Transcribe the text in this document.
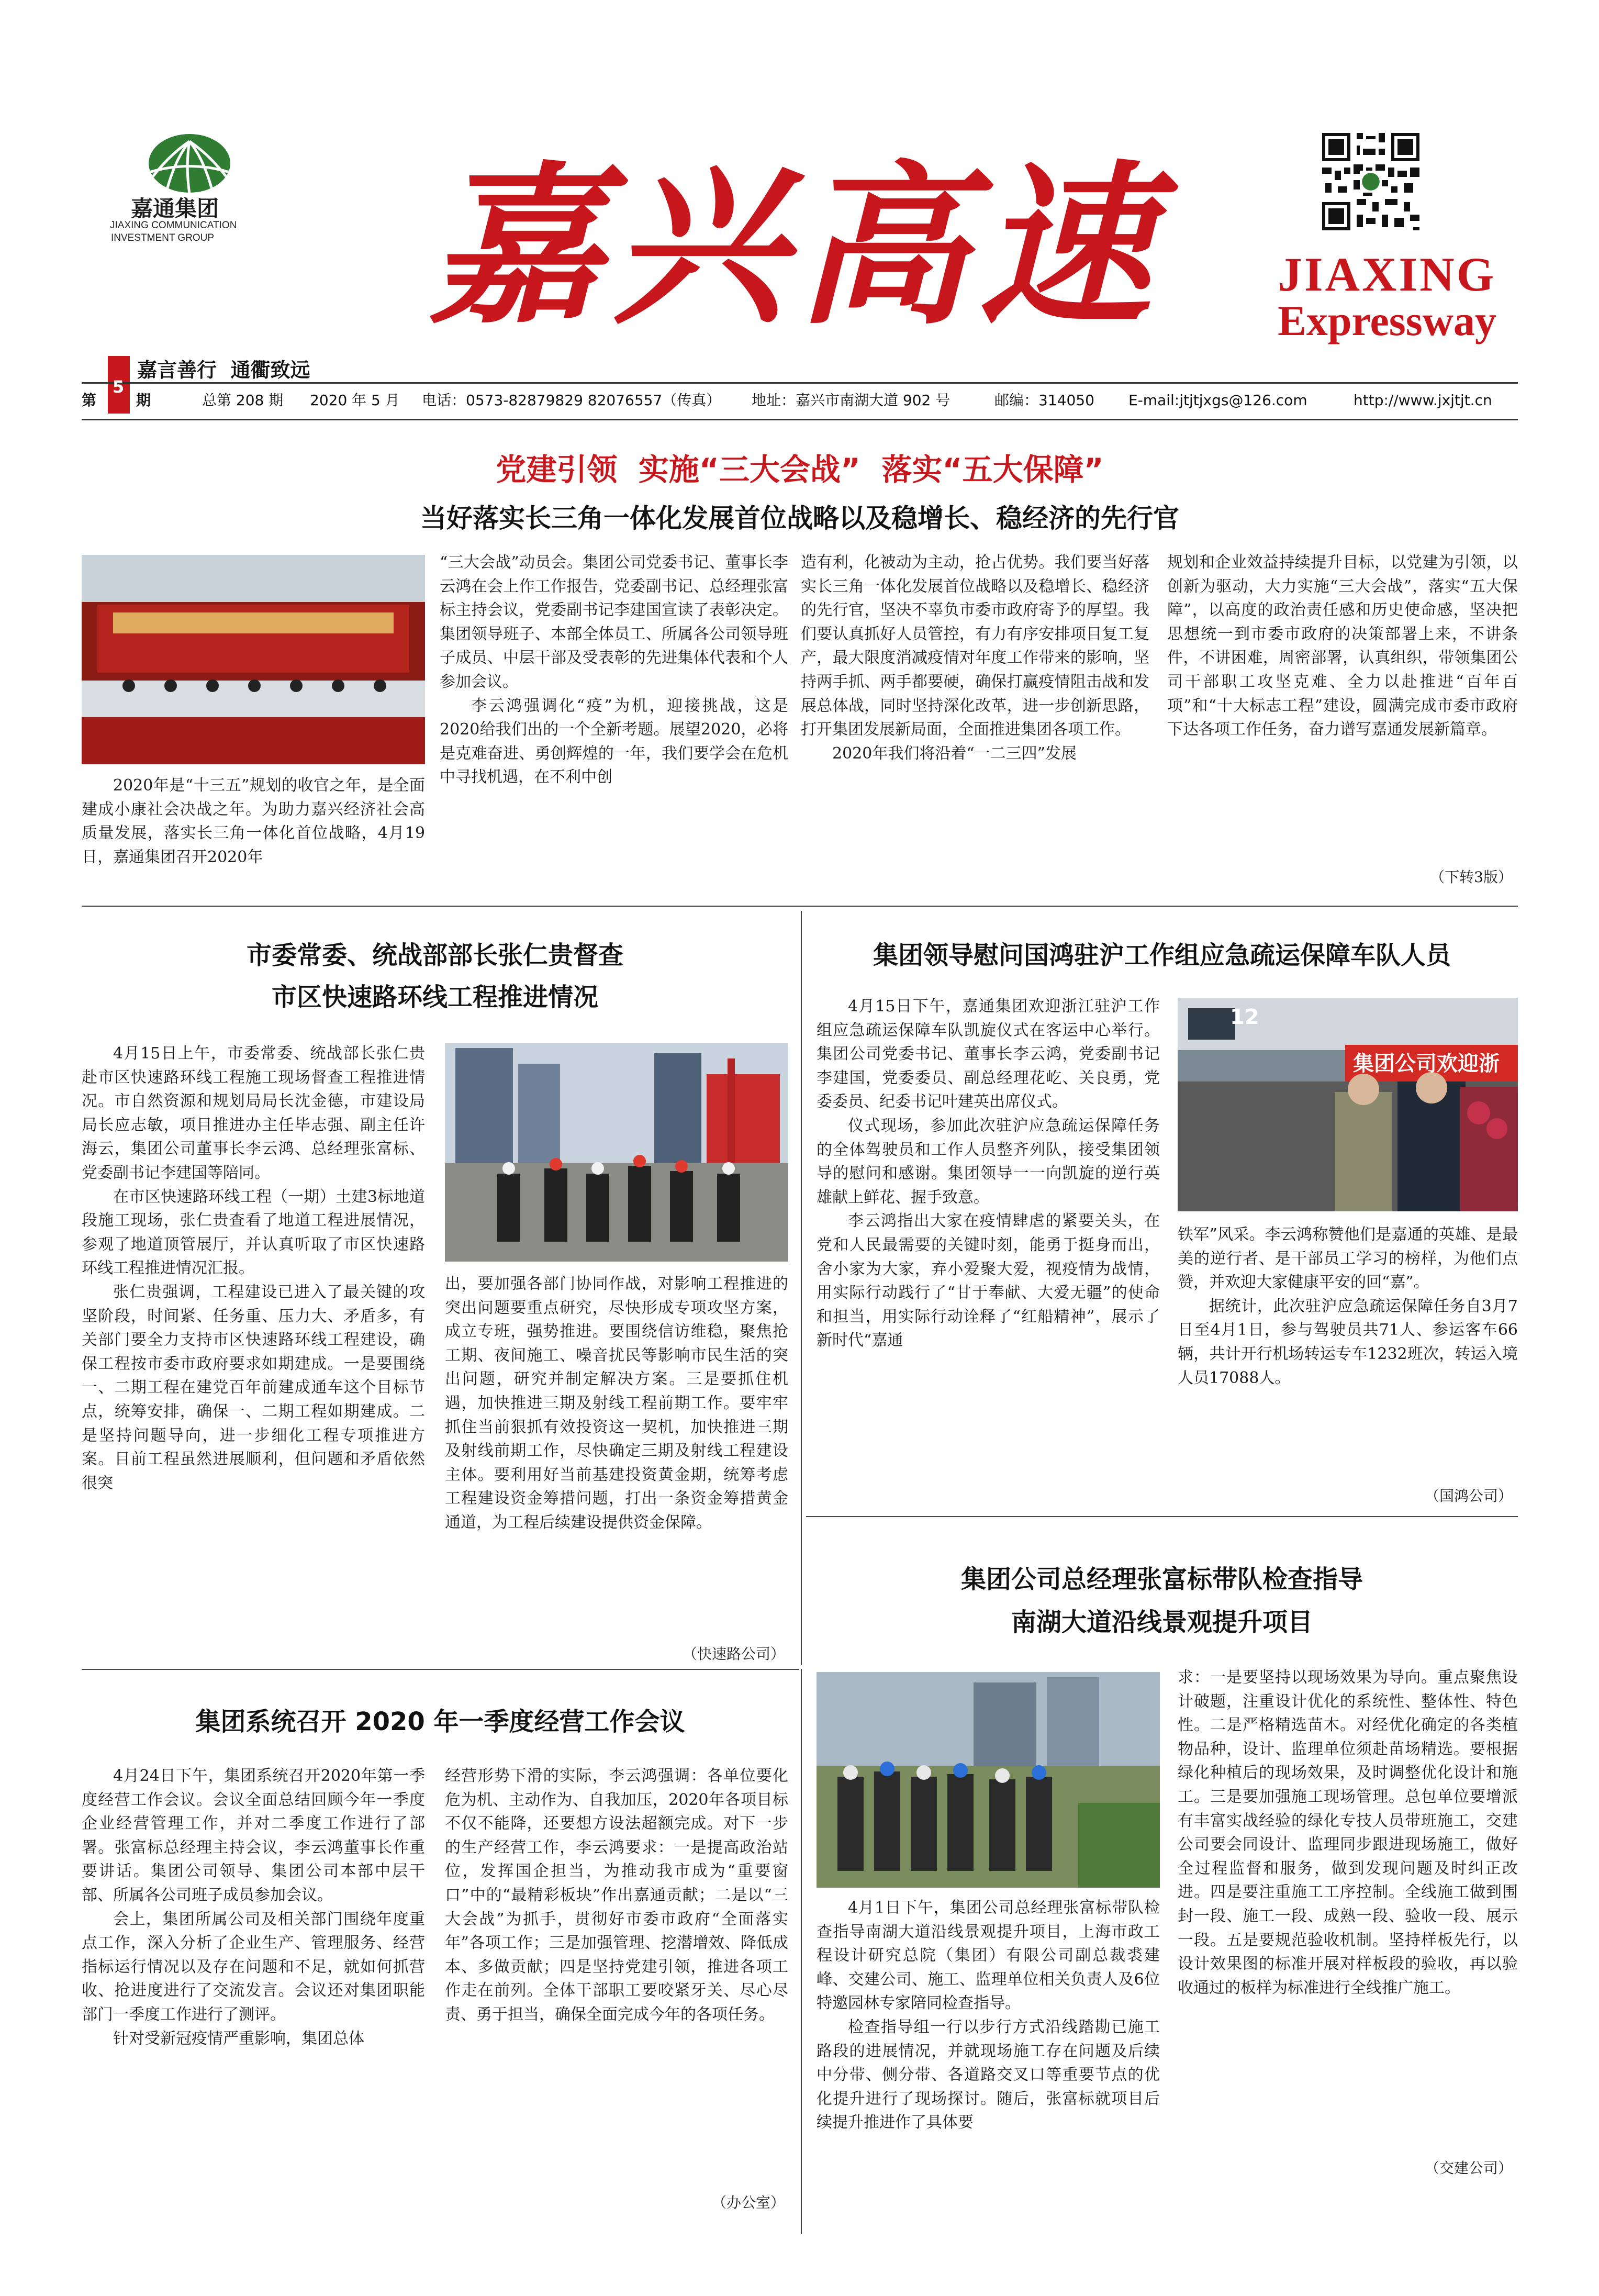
嘉通集团
JIAXING COMMUNICATION
INVESTMENT GROUP	嘉兴高速	JIAXING
Expressway
嘉言善行  通衢致远
第
5
期	总第 208 期 2020 年 5 月 电话：0573-82879829 82076557（传真） 地址：嘉兴市南湖大道 902 号	邮编：314050 E-mail:jtjtjxgs@126.com	http://www.jxjtjt.cn
党建引领  实施“三大会战”  落实“五大保障”
当好落实长三角一体化发展首位战略以及稳增长、稳经济的先行官

2020年是“十三五”规划的收官之年，是全面建成小康社会决战之年。为助力嘉兴经济社会高质量发展，落实长三角一体化首位战略，4月19日，嘉通集团召开2020年

“三大会战”动员会。集团公司党委书记、董事长李云鸿在会上作工作报告，党委副书记、总经理张富标主持会议，党委副书记李建国宣读了表彰决定。集团领导班子、本部全体员工、所属各公司领导班子成员、中层干部及受表彰的先进集体代表和个人参加会议。

李云鸿强调化“疫”为机，迎接挑战，这是2020给我们出的一个全新考题。展望2020，必将是克难奋进、勇创辉煌的一年，我们要学会在危机中寻找机遇，在不利中创

造有利，化被动为主动，抢占优势。我们要当好落实长三角一体化发展首位战略以及稳增长、稳经济的先行官，坚决不辜负市委市政府寄予的厚望。我们要认真抓好人员管控，有力有序安排项目复工复产，最大限度消减疫情对年度工作带来的影响，坚持两手抓、两手都要硬，确保打赢疫情阻击战和发展总体战，同时坚持深化改革，进一步创新思路，打开集团发展新局面，全面推进集团各项工作。

2020年我们将沿着“一二三四”发展

规划和企业效益持续提升目标，以党建为引领，以创新为驱动，大力实施“三大会战”，落实“五大保障”，以高度的政治责任感和历史使命感，坚决把思想统一到市委市政府的决策部署上来，不讲条件，不讲困难，周密部署，认真组织，带领集团公司干部职工攻坚克难、全力以赴推进“百年百项”和“十大标志工程”建设，圆满完成市委市政府下达各项工作任务，奋力谱写嘉通发展新篇章。

（下转3版）
市委常委、统战部部长张仁贵督查
市区快速路环线工程推进情况

4月15日上午，市委常委、统战部长张仁贵赴市区快速路环线工程施工现场督查工程推进情况。市自然资源和规划局局长沈金德，市建设局局长应志敏，项目推进办主任毕志强、副主任许海云，集团公司董事长李云鸿、总经理张富标、党委副书记李建国等陪同。

在市区快速路环线工程（一期）土建3标地道段施工现场，张仁贵查看了地道工程进展情况，参观了地道顶管展厅，并认真听取了市区快速路环线工程推进情况汇报。

张仁贵强调，工程建设已进入了最关键的攻坚阶段，时间紧、任务重、压力大、矛盾多，有关部门要全力支持市区快速路环线工程建设，确保工程按市委市政府要求如期建成。一是要围绕一、二期工程在建党百年前建成通车这个目标节点，统筹安排，确保一、二期工程如期建成。二是坚持问题导向，进一步细化工程专项推进方案。目前工程虽然进展顺利，但问题和矛盾依然很突

出，要加强各部门协同作战，对影响工程推进的突出问题要重点研究，尽快形成专项攻坚方案，成立专班，强势推进。要围绕信访维稳，聚焦抢工期、夜间施工、噪音扰民等影响市民生活的突出问题，研究并制定解决方案。三是要抓住机遇，加快推进三期及射线工程前期工作。要牢牢抓住当前狠抓有效投资这一契机，加快推进三期及射线前期工作，尽快确定三期及射线工程建设主体。要利用好当前基建投资黄金期，统筹考虑工程建设资金筹措问题，打出一条资金筹措黄金通道，为工程后续建设提供资金保障。

（快速路公司）
集团领导慰问国鸿驻沪工作组应急疏运保障车队人员

4月15日下午，嘉通集团欢迎浙江驻沪工作组应急疏运保障车队凯旋仪式在客运中心举行。集团公司党委书记、董事长李云鸿，党委副书记李建国，党委委员、副总经理花屹、关良勇，党委委员、纪委书记叶建英出席仪式。

仪式现场，参加此次驻沪应急疏运保障任务的全体驾驶员和工作人员整齐列队，接受集团领导的慰问和感谢。集团领导一一向凯旋的逆行英雄献上鲜花、握手致意。

李云鸿指出大家在疫情肆虐的紧要关头，在党和人民最需要的关键时刻，能勇于挺身而出，舍小家为大家，弃小爱聚大爱，视疫情为战情，用实际行动践行了“甘于奉献、大爱无疆”的使命和担当，用实际行动诠释了“红船精神”，展示了新时代“嘉通

12
集团公司欢迎浙

铁军”风采。李云鸿称赞他们是嘉通的英雄、是最美的逆行者、是干部员工学习的榜样，为他们点赞，并欢迎大家健康平安的回“嘉”。

据统计，此次驻沪应急疏运保障任务自3月7日至4月1日，参与驾驶员共71人、参运客车66辆，共计开行机场转运专车1232班次，转运入境人员17088人。

（国鸿公司）
集团系统召开 2020 年一季度经营工作会议

4月24日下午，集团系统召开2020年第一季度经营工作会议。会议全面总结回顾今年一季度企业经营管理工作，并对二季度工作进行了部署。张富标总经理主持会议，李云鸿董事长作重要讲话。集团公司领导、集团公司本部中层干部、所属各公司班子成员参加会议。

会上，集团所属公司及相关部门围绕年度重点工作，深入分析了企业生产、管理服务、经营指标运行情况以及存在问题和不足，就如何抓营收、抢进度进行了交流发言。会议还对集团职能部门一季度工作进行了测评。

针对受新冠疫情严重影响，集团总体

经营形势下滑的实际，李云鸿强调：各单位要化危为机、主动作为、自我加压，2020年各项目标不仅不能降，还要想方设法超额完成。对下一步的生产经营工作，李云鸿要求：一是提高政治站位，发挥国企担当，为推动我市成为“重要窗口”中的“最精彩板块”作出嘉通贡献；二是以“三大会战”为抓手，贯彻好市委市政府“全面落实年”各项工作；三是加强管理、挖潜增效、降低成本、多做贡献；四是坚持党建引领，推进各项工作走在前列。全体干部职工要咬紧牙关、尽心尽责、勇于担当，确保全面完成今年的各项任务。

（办公室）
集团公司总经理张富标带队检查指导
南湖大道沿线景观提升项目

4月1日下午，集团公司总经理张富标带队检查指导南湖大道沿线景观提升项目，上海市政工程设计研究总院（集团）有限公司副总裁裘建峰、交建公司、施工、监理单位相关负责人及6位特邀园林专家陪同检查指导。

检查指导组一行以步行方式沿线踏勘已施工路段的进展情况，并就现场施工存在问题及后续中分带、侧分带、各道路交叉口等重要节点的优化提升进行了现场探讨。随后，张富标就项目后续提升推进作了具体要

求：一是要坚持以现场效果为导向。重点聚焦设计破题，注重设计优化的系统性、整体性、特色性。二是严格精选苗木。对经优化确定的各类植物品种，设计、监理单位须赴苗场精选。要根据绿化种植后的现场效果，及时调整优化设计和施工。三是要加强施工现场管理。总包单位要增派有丰富实战经验的绿化专技人员带班施工，交建公司要会同设计、监理同步跟进现场施工，做好全过程监督和服务，做到发现问题及时纠正改进。四是要注重施工工序控制。全线施工做到围封一段、施工一段、成熟一段、验收一段、展示一段。五是要规范验收机制。坚持样板先行，以设计效果图的标准开展对样板段的验收，再以验收通过的板样为标准进行全线推广施工。

（交建公司）
